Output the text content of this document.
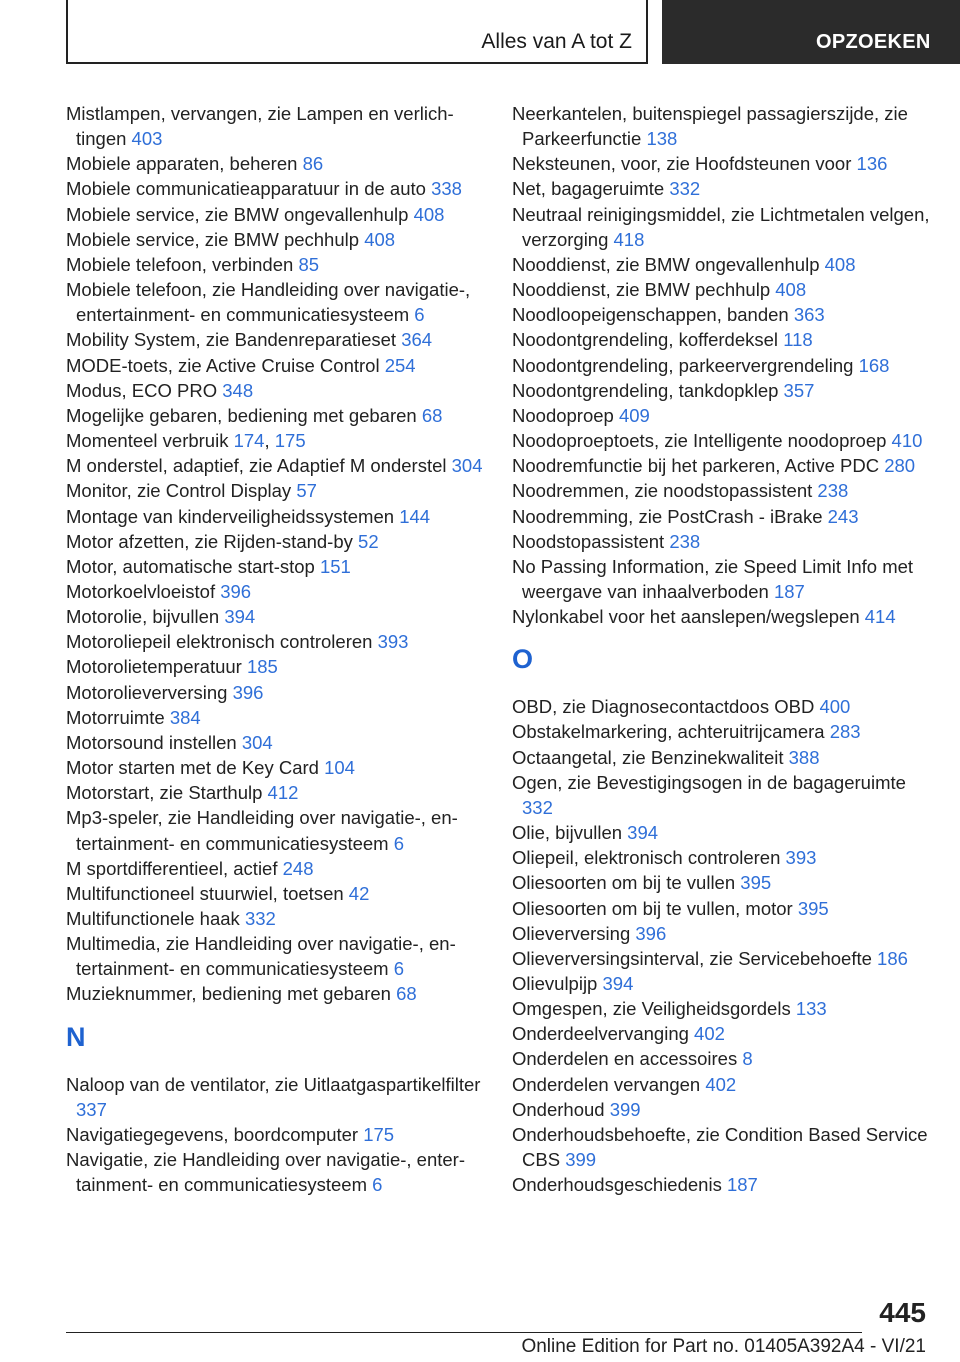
Alles van A tot Z	OPZOEKEN
Mistlampen, vervangen, zie Lampen en verlichtingen 403
Mobiele apparaten, beheren 86
Mobiele communicatieapparatuur in de auto 338
Mobiele service, zie BMW ongevallenhulp 408
Mobiele service, zie BMW pechhulp 408
Mobiele telefoon, verbinden 85
Mobiele telefoon, zie Handleiding over navigatie-, entertainment- en communicatiesysteem 6
Mobility System, zie Bandenreparatieset 364
MODE-toets, zie Active Cruise Control 254
Modus, ECO PRO 348
Mogelijke gebaren, bediening met gebaren 68
Momenteel verbruik 174, 175
M onderstel, adaptief, zie Adaptief M onderstel 304
Monitor, zie Control Display 57
Montage van kinderveiligheidssystemen 144
Motor afzetten, zie Rijden-stand-by 52
Motor, automatische start-stop 151
Motorkoelvloeistof 396
Motorolie, bijvullen 394
Motoroliepeil elektronisch controleren 393
Motorolietemperatuur 185
Motorolieverversing 396
Motorruimte 384
Motorsound instellen 304
Motor starten met de Key Card 104
Motorstart, zie Starthulp 412
Mp3-speler, zie Handleiding over navigatie-, entertainment- en communicatiesysteem 6
M sportdifferentieel, actief 248
Multifunctioneel stuurwiel, toetsen 42
Multifunctionele haak 332
Multimedia, zie Handleiding over navigatie-, entertainment- en communicatiesysteem 6
Muzieknummer, bediening met gebaren 68
N
Naloop van de ventilator, zie Uitlaatgaspartikelfilter 337
Navigatiegegevens, boordcomputer 175
Navigatie, zie Handleiding over navigatie-, entertainment- en communicatiesysteem 6
Neerkantelen, buitenspiegel passagierszijde, zie Parkeerfunctie 138
Neksteunen, voor, zie Hoofdsteunen voor 136
Net, bagageruimte 332
Neutraal reinigingsmiddel, zie Lichtmetalen velgen, verzorging 418
Nooddienst, zie BMW ongevallenhulp 408
Nooddienst, zie BMW pechhulp 408
Noodloopeigenschappen, banden 363
Noodontgrendeling, kofferdeksel 118
Noodontgrendeling, parkeervergrendeling 168
Noodontgrendeling, tankdopklep 357
Noodoproep 409
Noodoproeptoets, zie Intelligente noodoproep 410
Noodremfunctie bij het parkeren, Active PDC 280
Noodremmen, zie noodstopassistent 238
Noodremming, zie PostCrash - iBrake 243
Noodstopassistent 238
No Passing Information, zie Speed Limit Info met weergave van inhaalverboden 187
Nylonkabel voor het aanslepen/wegslepen 414
O
OBD, zie Diagnosecontactdoos OBD 400
Obstakelmarkering, achteruitrijcamera 283
Octaangetal, zie Benzinekwaliteit 388
Ogen, zie Bevestigingsogen in de bagageruimte 332
Olie, bijvullen 394
Oliepeil, elektronisch controleren 393
Oliesoorten om bij te vullen 395
Oliesoorten om bij te vullen, motor 395
Olieverversing 396
Olieverversingsinterval, zie Servicebehoefte 186
Olievulpijp 394
Omgespen, zie Veiligheidsgordels 133
Onderdeelvervanging 402
Onderdelen en accessoires 8
Onderdelen vervangen 402
Onderhoud 399
Onderhoudsbehoefte, zie Condition Based Service CBS 399
Onderhoudsgeschiedenis 187
445
Online Edition for Part no. 01405A392A4 - VI/21
